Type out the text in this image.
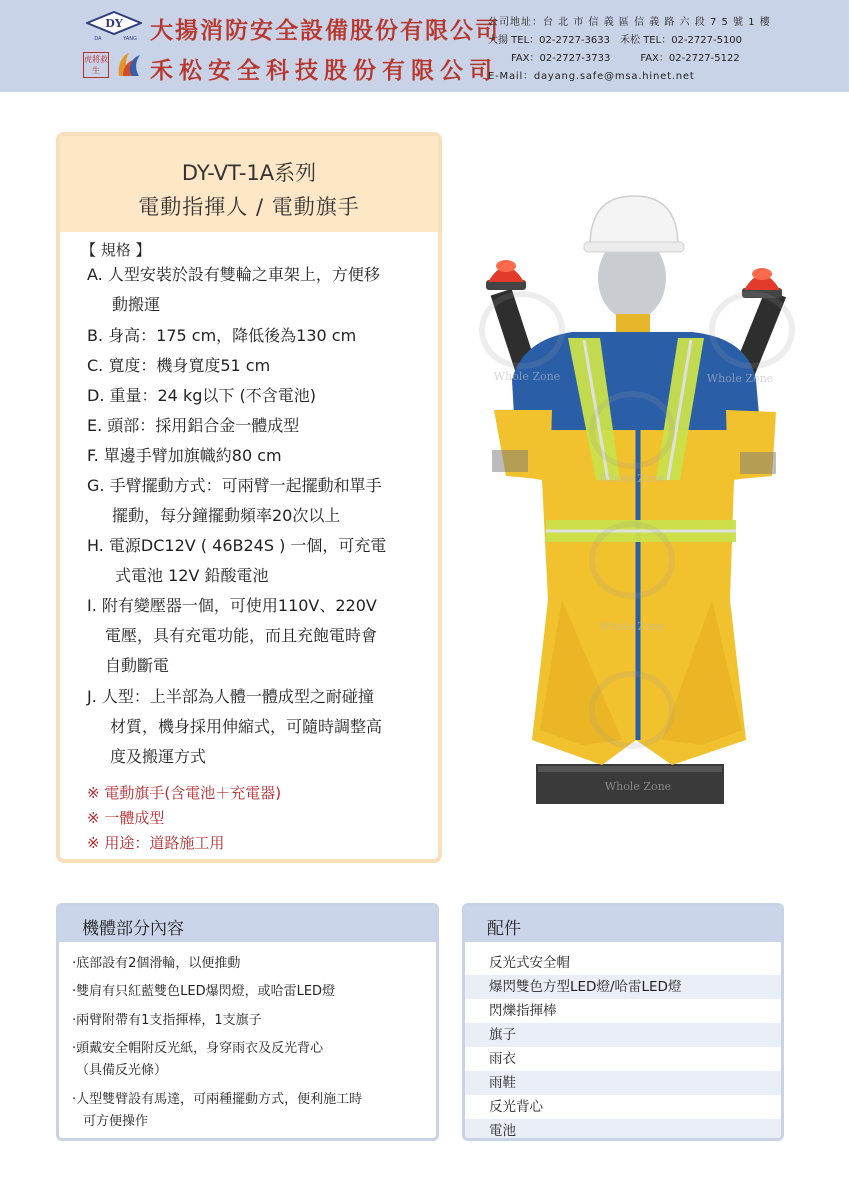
DY
DA	YANG
虎將救生
大揚消防安全設備股份有限公司
禾松安全科技股份有限公司
公司地址：台 北 市 信 義 區 信 義 路 六 段 7 5 號 1 樓
大揚 TEL：02-2727-3633　禾松 TEL：02-2727-5100
FAX：02-2727-3733　　　FAX：02-2727-5122
E-Mail：dayang.safe@msa.hinet.net
DY-VT-1A系列
電動指揮人 / 電動旗手
【 規格 】
A. 人型安裝於設有雙輪之車架上，方便移
動搬運
B. 身高：175 cm，降低後為130 cm
C. 寬度：機身寬度51 cm
D. 重量：24 kg以下 (不含電池)
E. 頭部：採用鋁合金一體成型
F. 單邊手臂加旗幟約80 cm
G. 手臂擺動方式：可兩臂一起擺動和單手
擺動，每分鐘擺動頻率20次以上
H. 電源DC12V ( 46B24S ) 一個，可充電
式電池 12V 鉛酸電池
I. 附有變壓器一個，可使用110V、220V
電壓，具有充電功能，而且充飽電時會
自動斷電
J. 人型：上半部為人體一體成型之耐碰撞
材質，機身採用伸縮式，可隨時調整高
度及搬運方式
※ 電動旗手(含電池＋充電器)
※ 一體成型
※ 用途：道路施工用
Whole Zone	Whole Zone
Whole Zone
Whole Zone
Whole Zone
機體部分內容
‧底部設有2個滑輪，以便推動
‧雙肩有只紅藍雙色LED爆閃燈，或哈雷LED燈
‧兩臂附帶有1支指揮棒，1支旗子
‧頭戴安全帽附反光紙，身穿雨衣及反光背心
（具備反光條）
‧人型雙臂設有馬達，可兩種擺動方式，便利施工時
可方便操作
配件
反光式安全帽
爆閃雙色方型LED燈/哈雷LED燈
閃爍指揮棒
旗子
雨衣
雨鞋
反光背心
電池
